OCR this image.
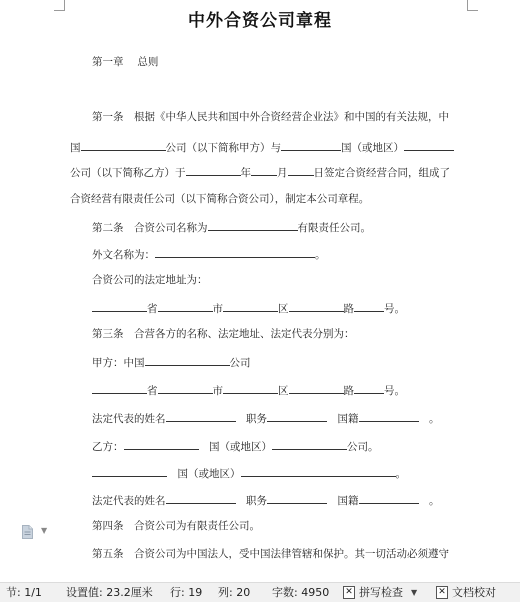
中外合资公司章程
第一章　 总则
第一条　根据《中华人民共和国中外合资经营企业法》和中国的有关法规，中
国	公司（以下简称甲方）与	国（或地区）
公司（以下简称乙方）于	年 月 日签定合资经营合同，组成了
合资经营有限责任公司（以下简称合资公司），制定本公司章程。
第二条　合资公司名称为	有限责任公司。
外文名称为：	。
合资公司的法定地址为：
省	市	区	路	号。
第三条　合营各方的名称、法定地址、法定代表分别为：
甲方：中国	公司
省	市	区	路	号。
法定代表的姓名	　职务	　国籍	　。
乙方：	　国（或地区）	公司。
　国（或地区）	。
法定代表的姓名	　职务	　国籍	　。
第四条　合资公司为有限责任公司。
第五条　合资公司为中国法人，受中国法律管辖和保护。其一切活动必须遵守
▼
节: 1/1 设置值: 23.2厘米 行: 19 列: 20 字数: 4950 ✕ 拼写检查 ▼ ✕ 文档校对
